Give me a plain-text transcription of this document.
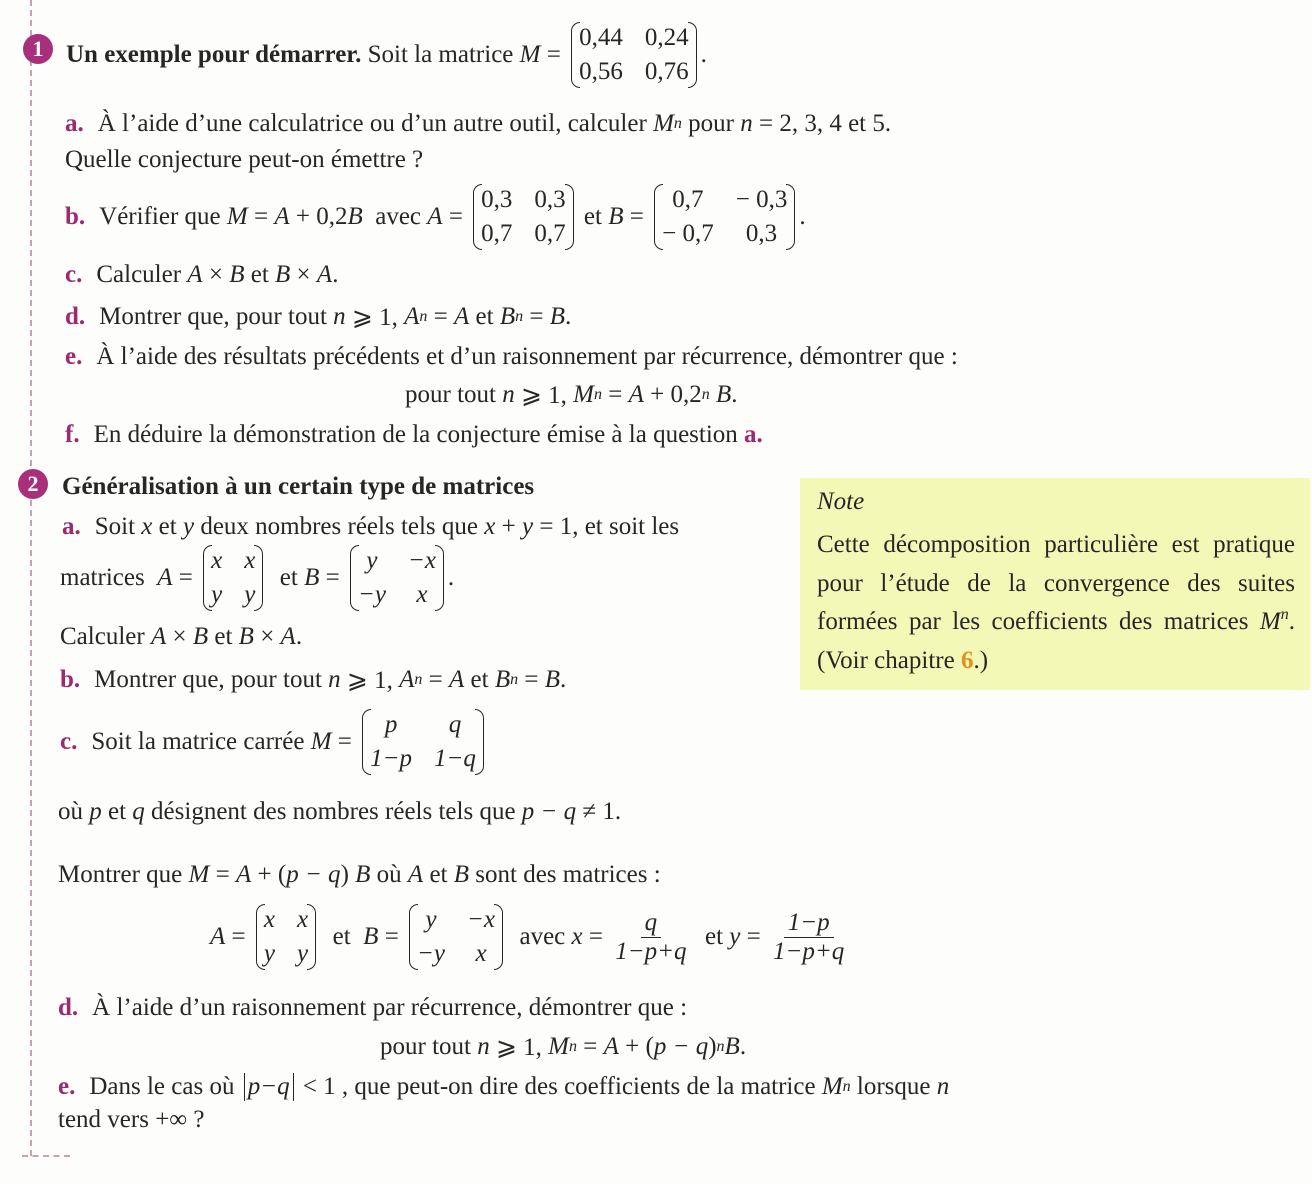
1
2
Un exemple pour démarrer. Soit la matrice M =
0,44 0,24
0,56 0,76
.
a. À l’aide d’une calculatrice ou d’un autre outil, calculer M n pour n = 2, 3, 4 et 5.
Quelle conjecture peut-on émettre ?
b. Vérifier que M = A + 0,2 B avec A =
0,3 0,3
0,7 0,7
et B =
0,7	− 0,3
− 0,7	0,3
.
c. Calculer A × B et B × A .
d. Montrer que, pour tout n ⩾ 1, A n = A et B n = B .
e. À l’aide des résultats précédents et d’un raisonnement par récurrence, démontrer que :
pour tout n ⩾ 1, M n = A + 0,2 n
B .
f. En déduire la démonstration de la conjecture émise à la question a.
Généralisation à un certain type de matrices
a. Soit x et y deux nombres réels tels que x + y = 1, et soit les
matrices A =
x x
y y
et B =
y	−x
−y	x
.
Calculer A × B et B × A .
b. Montrer que, pour tout n ⩾ 1, A n = A et B n = B .
c. Soit la matrice carrée M =
p	q
1−p 1−q
où p et q désignent des nombres réels tels que p − q ≠ 1.
Montrer que M = A + ( p − q ) B où A et B sont des matrices :
A =
x x
y y
et B =
y	−x
−y	x
avec $x = \frac{q}{1-p+q}$ et $y = \frac{1-p}{1-p+q}$
d. À l’aide d’un raisonnement par récurrence, démontrer que :
pour tout n ⩾ 1, M n = A + ( p − q ) n B .
e. Dans le cas où p−q < 1 , que peut-on dire des coefficients de la matrice M n lorsque n
tend vers +∞ ?
Note
Cette décomposition particulière est pratique pour l’étude de la convergence des suites formées par les coefficients des matrices $M^n$. (Voir chapitre 6.)
